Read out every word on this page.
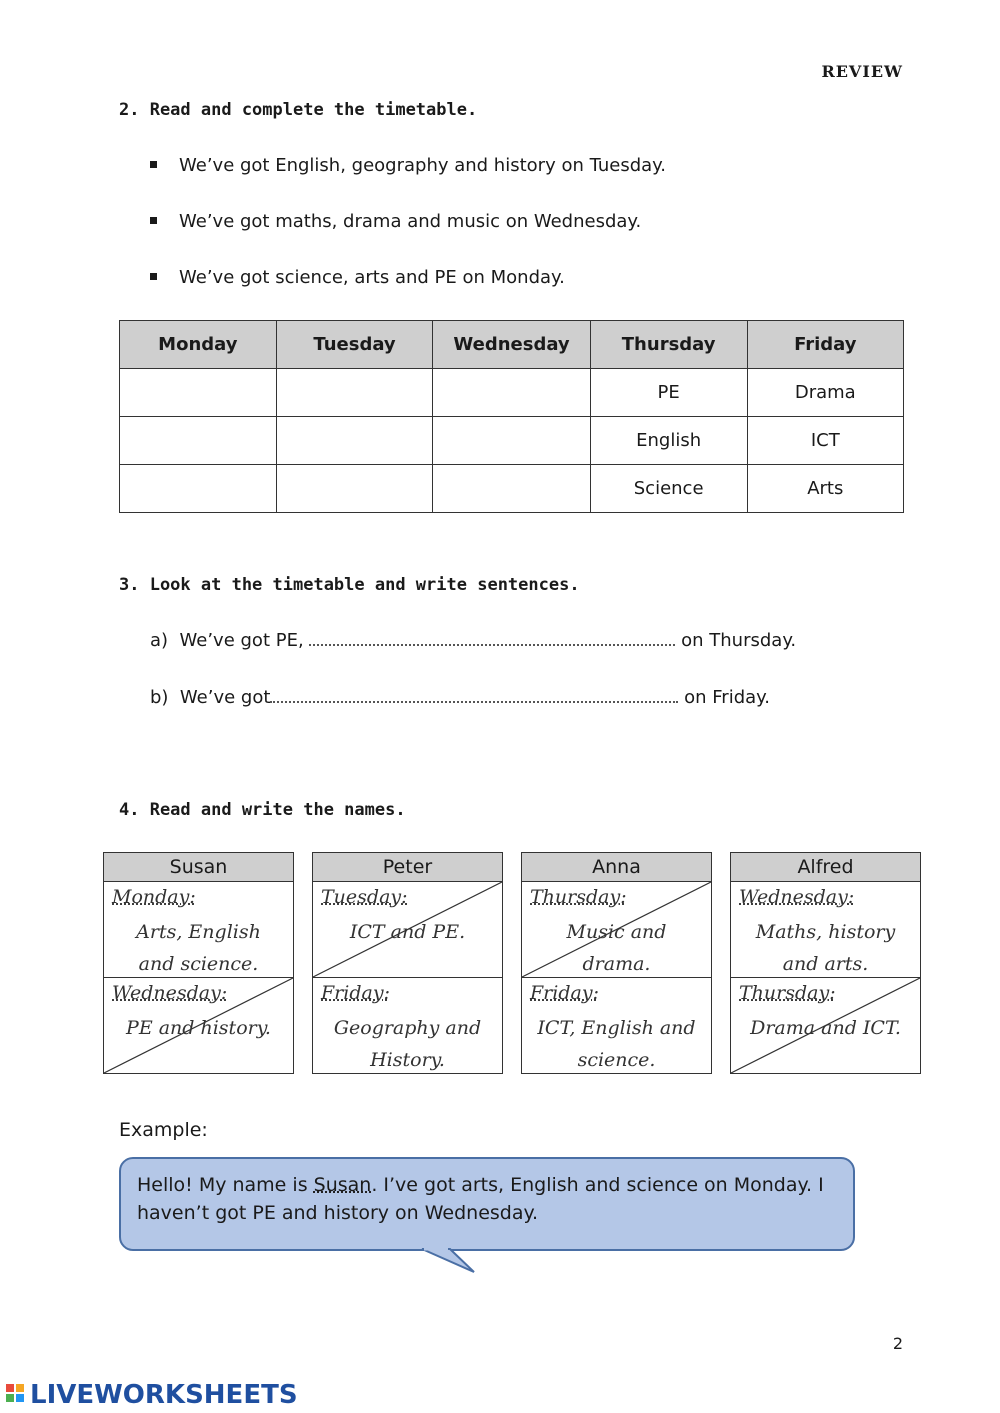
REVIEW
2. Read and complete the timetable.
We’ve got English, geography and history on Tuesday.
We’ve got maths, drama and music on Wednesday.
We’ve got science, arts and PE on Monday.
Monday	Tuesday	Wednesday	Thursday	Friday
			PE	Drama
			English	ICT
			Science	Arts
3. Look at the timetable and write sentences.
a) We’ve got PE,	on Thursday.
b) We’ve got	on Friday.
4. Read and write the names.
Susan
Monday:
Arts, English
and science.
Wednesday:
PE and history.
Peter
Tuesday:
ICT and PE.
Friday:
Geography and
History.
Anna
Thursday:
Music and
drama.
Friday:
ICT, English and
science.
Alfred
Wednesday:
Maths, history
and arts.
Thursday:
Drama and ICT.
Example:
Hello! My name is Susan. I’ve got arts, English and science on Monday. I haven’t got PE and history on Wednesday.
2
LIVEWORKSHEETS
